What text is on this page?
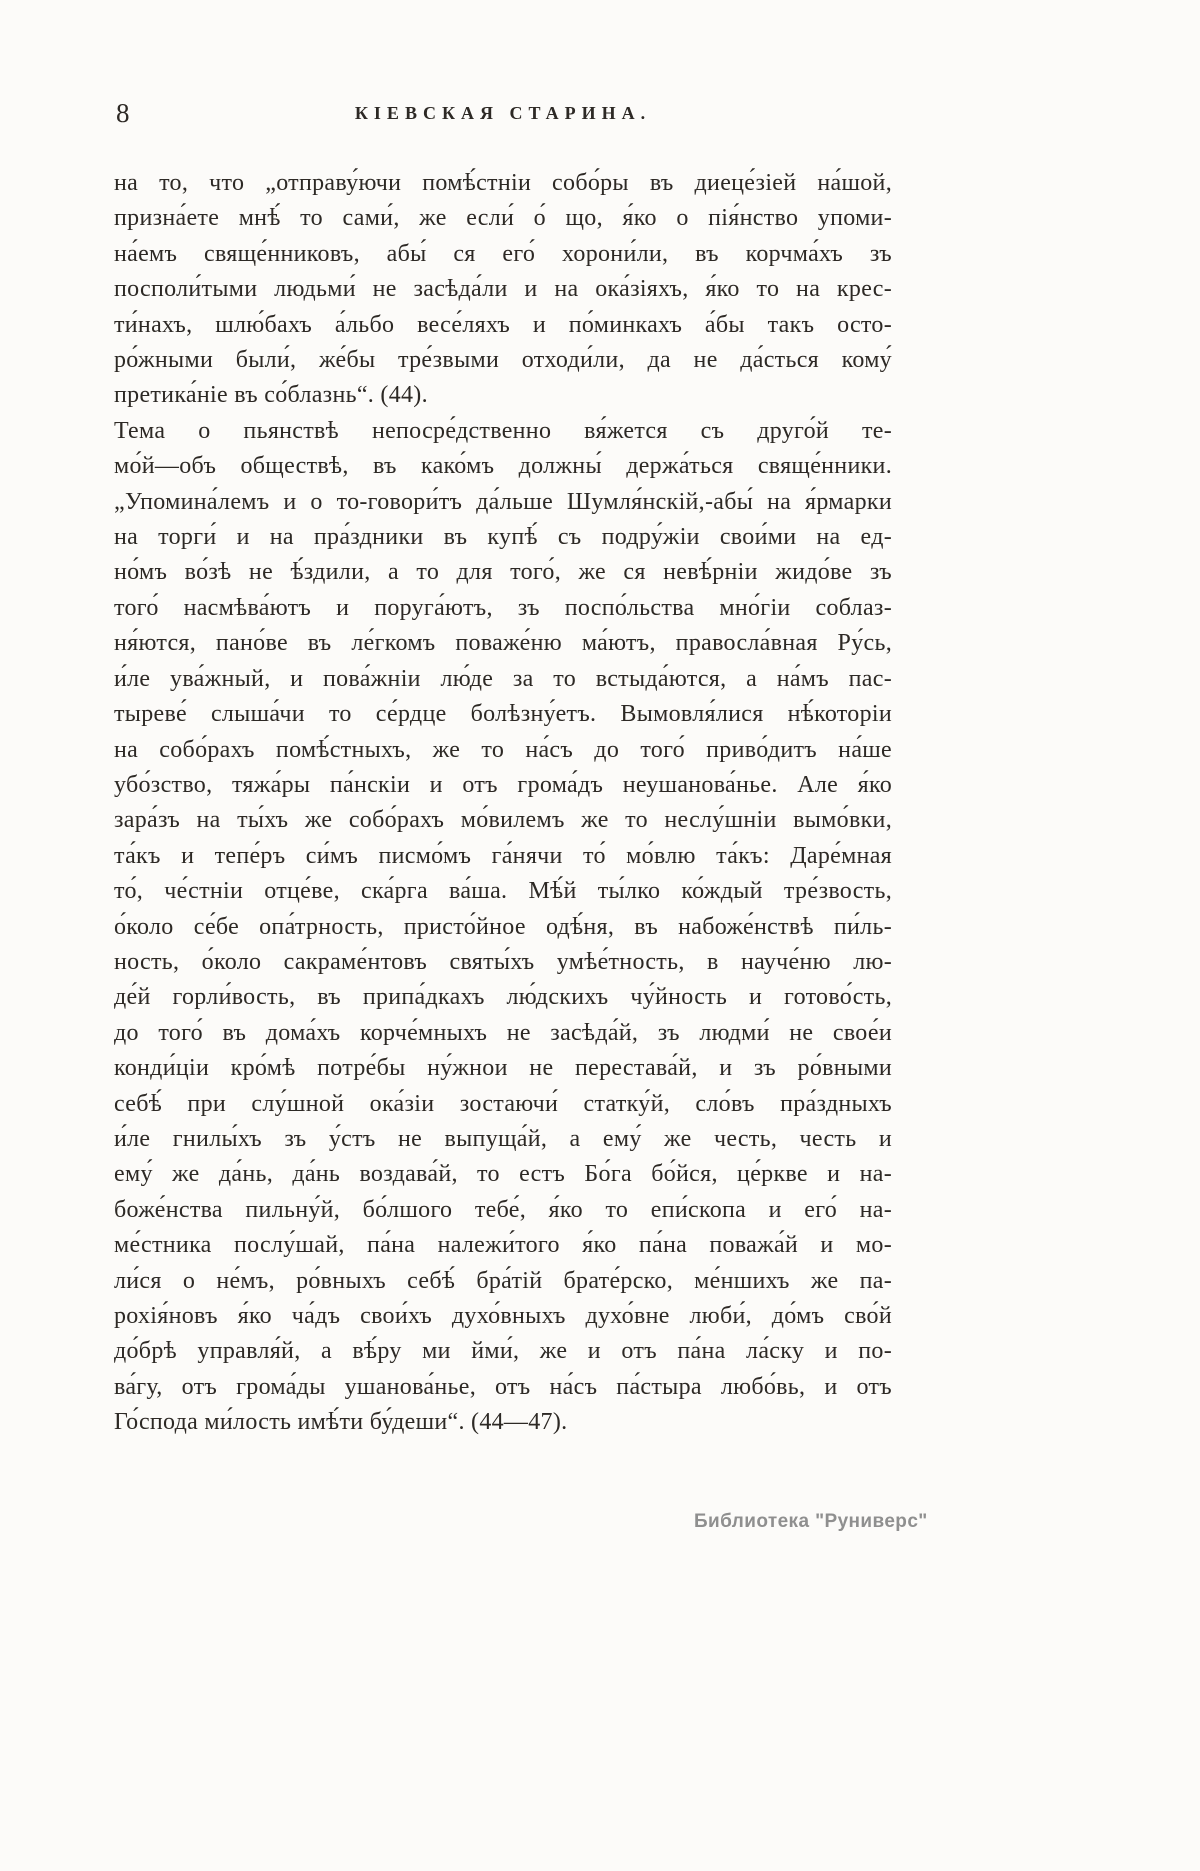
8	КІЕВСКАЯ СТАРИНА.
на то, что „отправу́ючи помѣ́стніи собо́ры въ диеце́зіей на́шой,
призна́ете мнѣ́ то сами́, же если́ о́ що, я́ко о пія́нство упоми-
на́емъ свяще́нниковъ, абы́ ся его́ хорони́ли, въ корчма́хъ зъ
посполи́тыми людьми́ не засѣда́ли и на ока́зіяхъ, я́ко то на крес-
ти́нахъ, шлю́бахъ а́льбо весе́ляхъ и по́минкахъ а́бы такъ осто-
ро́жными были́, же́бы тре́звыми отходи́ли, да не да́сться кому́
претика́ніе въ со́блазнь“. (44).
Тема о пьянствѣ непосре́дственно вя́жется съ друго́й те-
мо́й—объ обществѣ, въ како́мъ должны́ держа́ться свяще́нники.
„Упомина́лемъ и о то-говори́тъ да́льше Шумля́нскій,-абы́ на я́рмарки
на торги́ и на пра́здники въ купѣ́ съ подру́жіи свои́ми на ед-
но́мъ во́зѣ не ѣ́здили, а то для того́, же ся невѣ́рніи жидо́ве зъ
того́ насмѣва́ютъ и поруга́ютъ, зъ поспо́льства мно́гіи соблаз-
ня́ются, пано́ве въ ле́гкомъ поваже́ню ма́ютъ, правосла́вная Ру́сь,
и́ле ува́жный, и пова́жніи лю́де за то встыда́ются, а на́мъ пас-
тыреве́ слыша́чи то се́рдце болѣзну́етъ. Вымовля́лися нѣ́которіи
на собо́рахъ помѣ́стныхъ, же то на́съ до того́ приво́дитъ на́ше
убо́зство, тяжа́ры па́нскіи и отъ грома́дъ неушанова́нье. Але я́ко
зара́зъ на ты́хъ же собо́рахъ мо́вилемъ же то неслу́шніи вымо́вки,
та́къ и тепе́ръ си́мъ писмо́мъ га́нячи то́ мо́влю та́къ: Даре́мная
то́, че́стніи отце́ве, ска́рга ва́ша. Мѣ́й ты́лко ко́ждый тре́звость,
о́коло се́бе опа́трность, присто́йное одѣ́ня, въ набоже́нствѣ пи́ль-
ность, о́коло сакраме́нтовъ святы́хъ умѣе́тность, в науче́ню лю-
де́й горли́вость, въ припа́дкахъ лю́дскихъ чу́йность и готово́сть,
до того́ въ дома́хъ корче́мныхъ не засѣда́й, зъ людми́ не свое́и
конди́ціи кро́мѣ потре́бы ну́жнои не перестава́й, и зъ ро́вными
себѣ́ при слу́шной ока́зіи зостаючи́ статку́й, сло́въ пра́здныхъ
и́ле гнилы́хъ зъ у́стъ не выпуща́й, а ему́ же честь, честь и
ему́ же да́нь, да́нь воздава́й, то естъ Бо́га бо́йся, це́ркве и на-
боже́нства пильну́й, бо́лшого тебе́, я́ко то епи́скопа и его́ на-
ме́стника послу́шай, па́на належи́того я́ко па́на поважа́й и мо-
ли́ся о не́мъ, ро́вныхъ себѣ́ бра́тій брате́рско, ме́ншихъ же па-
рохія́новъ я́ко ча́дъ свои́хъ духо́вныхъ духо́вне люби́, до́мъ сво́й
до́брѣ управля́й, а вѣ́ру ми йми́, же и отъ па́на ла́ску и по-
ва́гу, отъ грома́ды ушанова́нье, отъ на́съ па́стыра любо́вь, и отъ
Го́спода ми́лость имѣ́ти бу́деши“. (44—47).
Библиотека "Руниверс"
